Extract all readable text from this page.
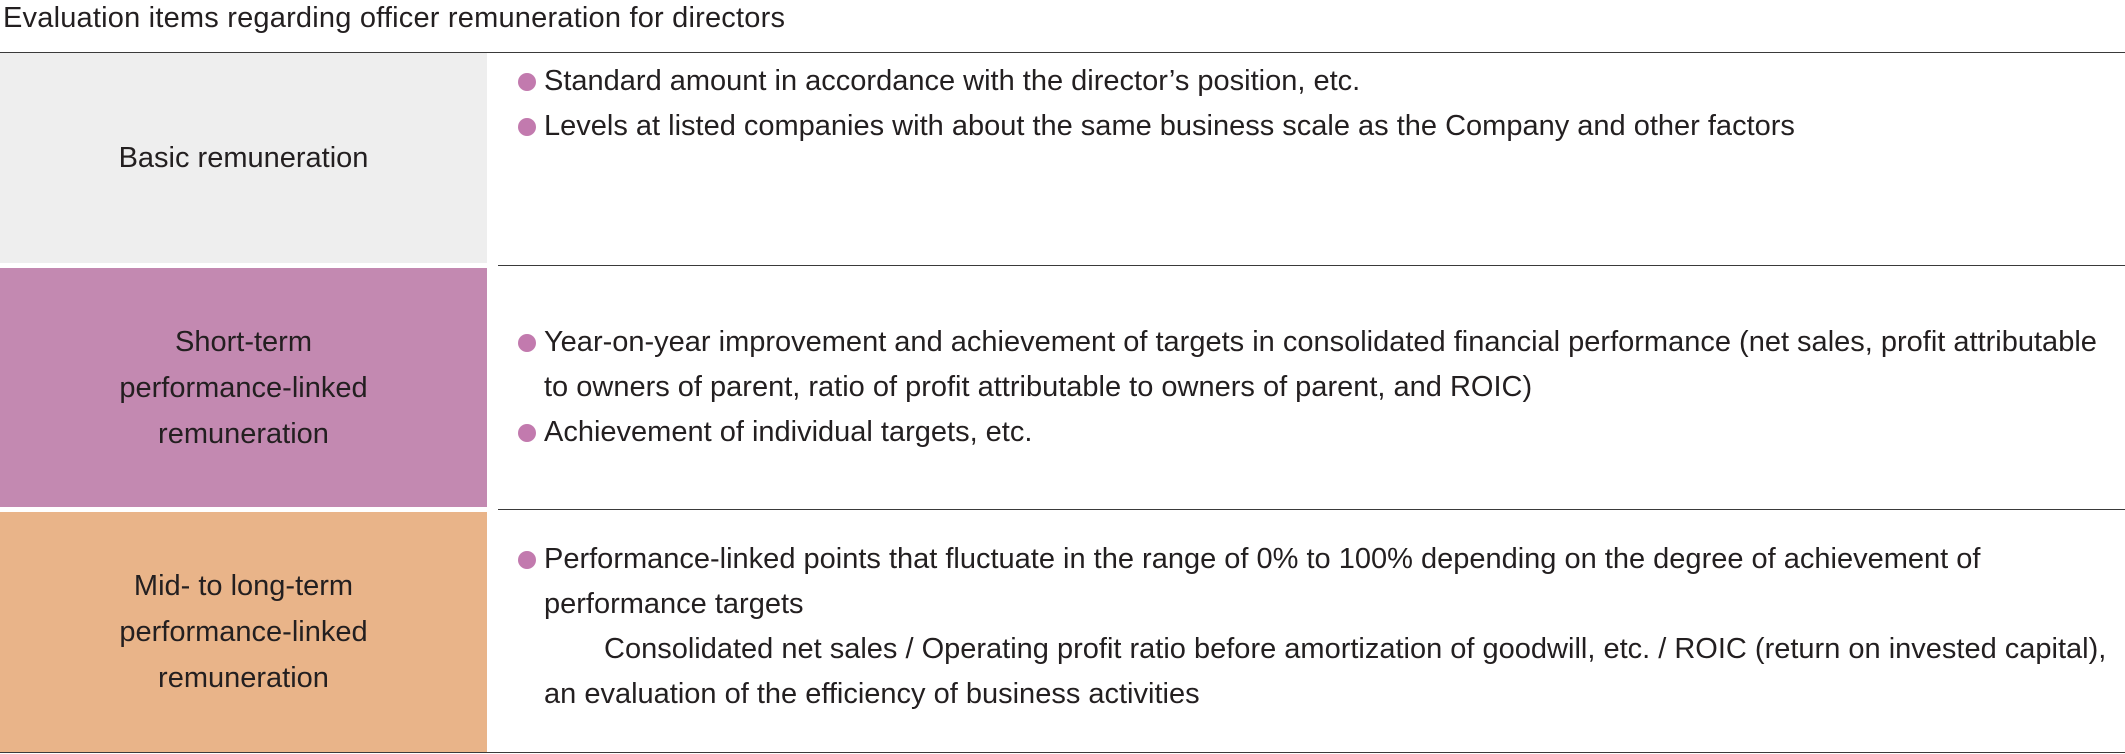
Evaluation items regarding officer remuneration for directors
Basic remuneration
Standard amount in accordance with the director’s position, etc.
Levels at listed companies with about the same business scale as the Company and other factors
Short-term
performance-linked
remuneration
Year-on-year improvement and achievement of targets in consolidated financial performance (net sales, profit attributable to owners of parent, ratio of profit attributable to owners of parent, and ROIC)
Achievement of individual targets, etc.
Mid- to long-term
performance-linked
remuneration
Performance-linked points that fluctuate in the range of 0% to 100% depending on the degree of achievement of performance targets
Consolidated net sales / Operating profit ratio before amortization of goodwill, etc. / ROIC (return on invested capital), an evaluation of the efficiency of business activities
